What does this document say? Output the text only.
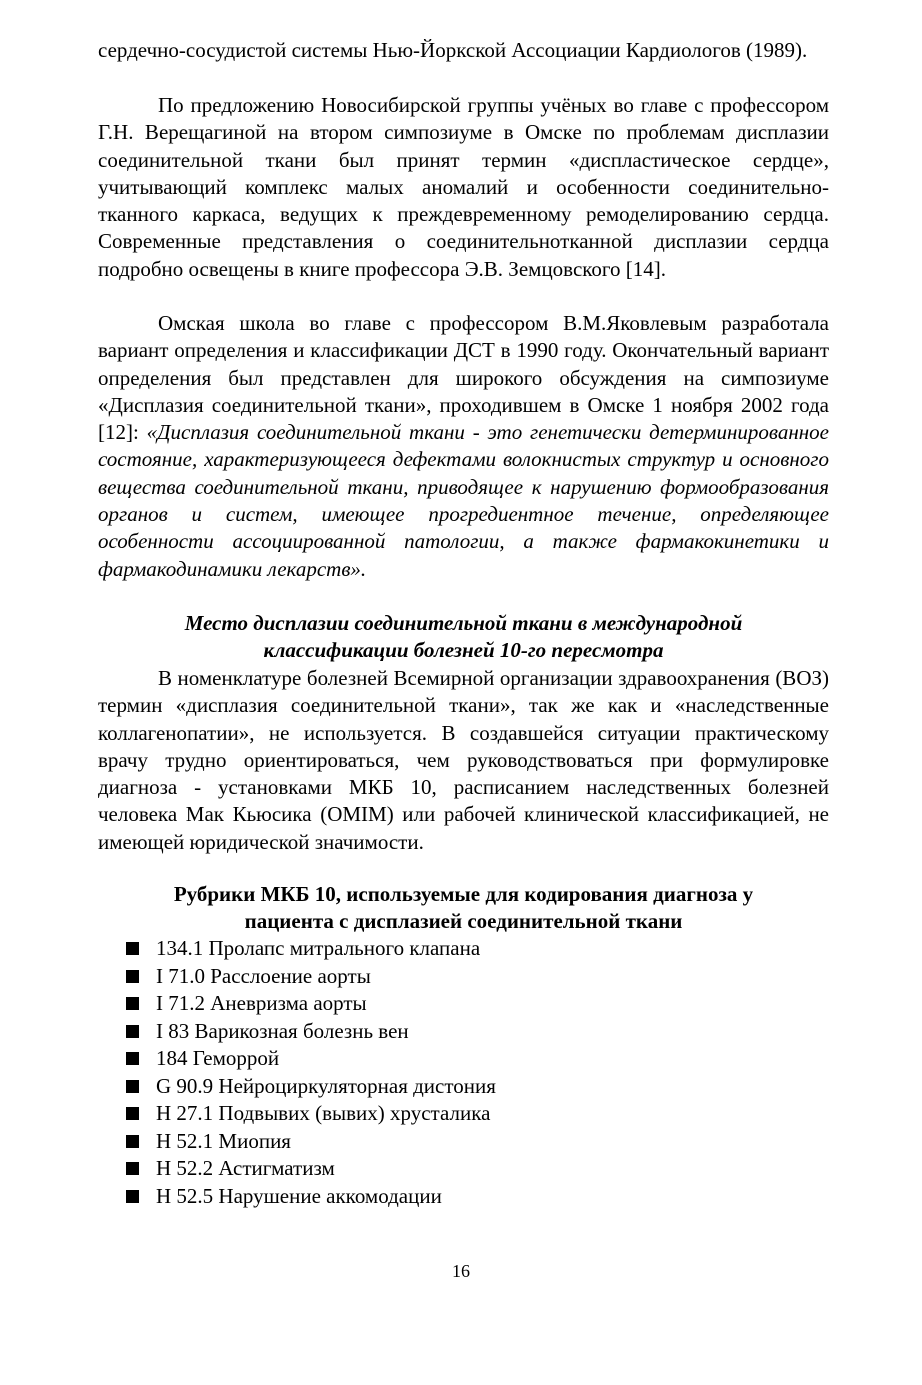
сердечно-сосудистой системы Нью-Йоркской Ассоциации Кардиологов (1989).

По предложению Новосибирской группы учёных во главе с профессором Г.Н. Верещагиной на втором симпозиуме в Омске по проблемам дисплазии соединительной ткани был принят термин «диспластическое сердце», учитывающий комплекс малых аномалий и особенности соединительно-тканного каркаса, ведущих к преждевременному ремоделированию сердца. Современные представления о соединительнотканной дисплазии сердца подробно освещены в книге профессора Э.В. Земцовского [14].

Омская школа во главе с профессором В.М.Яковлевым разработала вариант определения и классификации ДСТ в 1990 году. Окончательный вариант определения был представлен для широкого обсуждения на симпозиуме «Дисплазия соединительной ткани», проходившем в Омске 1 ноября 2002 года [12]: «Дисплазия соединительной ткани - это генетически детерминированное состояние, характеризующееся дефектами волокнистых структур и основного вещества соединительной ткани, приводящее к нарушению формообразования органов и систем, имеющее прогредиентное течение, определяющее особенности ассоциированной патологии, а также фармакокинетики и фармакодинамики лекарств».

Место дисплазии соединительной ткани в международной
классификации болезней 10-го пересмотра

В номенклатуре болезней Всемирной организации здравоохранения (ВОЗ) термин «дисплазия соединительной ткани», так же как и «наследственные коллагенопатии», не используется. В создавшейся ситуации практическому врачу трудно ориентироваться, чем руководствоваться при формулировке диагноза - установками МКБ 10, расписанием наследственных болезней человека Мак Кьюсика (OMIM) или рабочей клинической классификацией, не имеющей юридической значимости.

Рубрики МКБ 10, используемые для кодирования диагноза у
пациента с дисплазией соединительной ткани
134.1 Пролапс митрального клапана
I 71.0 Расслоение аорты
I 71.2 Аневризма аорты
I 83 Варикозная болезнь вен
184 Геморрой
G 90.9 Нейроциркуляторная дистония
Н 27.1 Подвывих (вывих) хрусталика
Н 52.1 Миопия
Н 52.2 Астигматизм
Н 52.5 Нарушение аккомодации
16
